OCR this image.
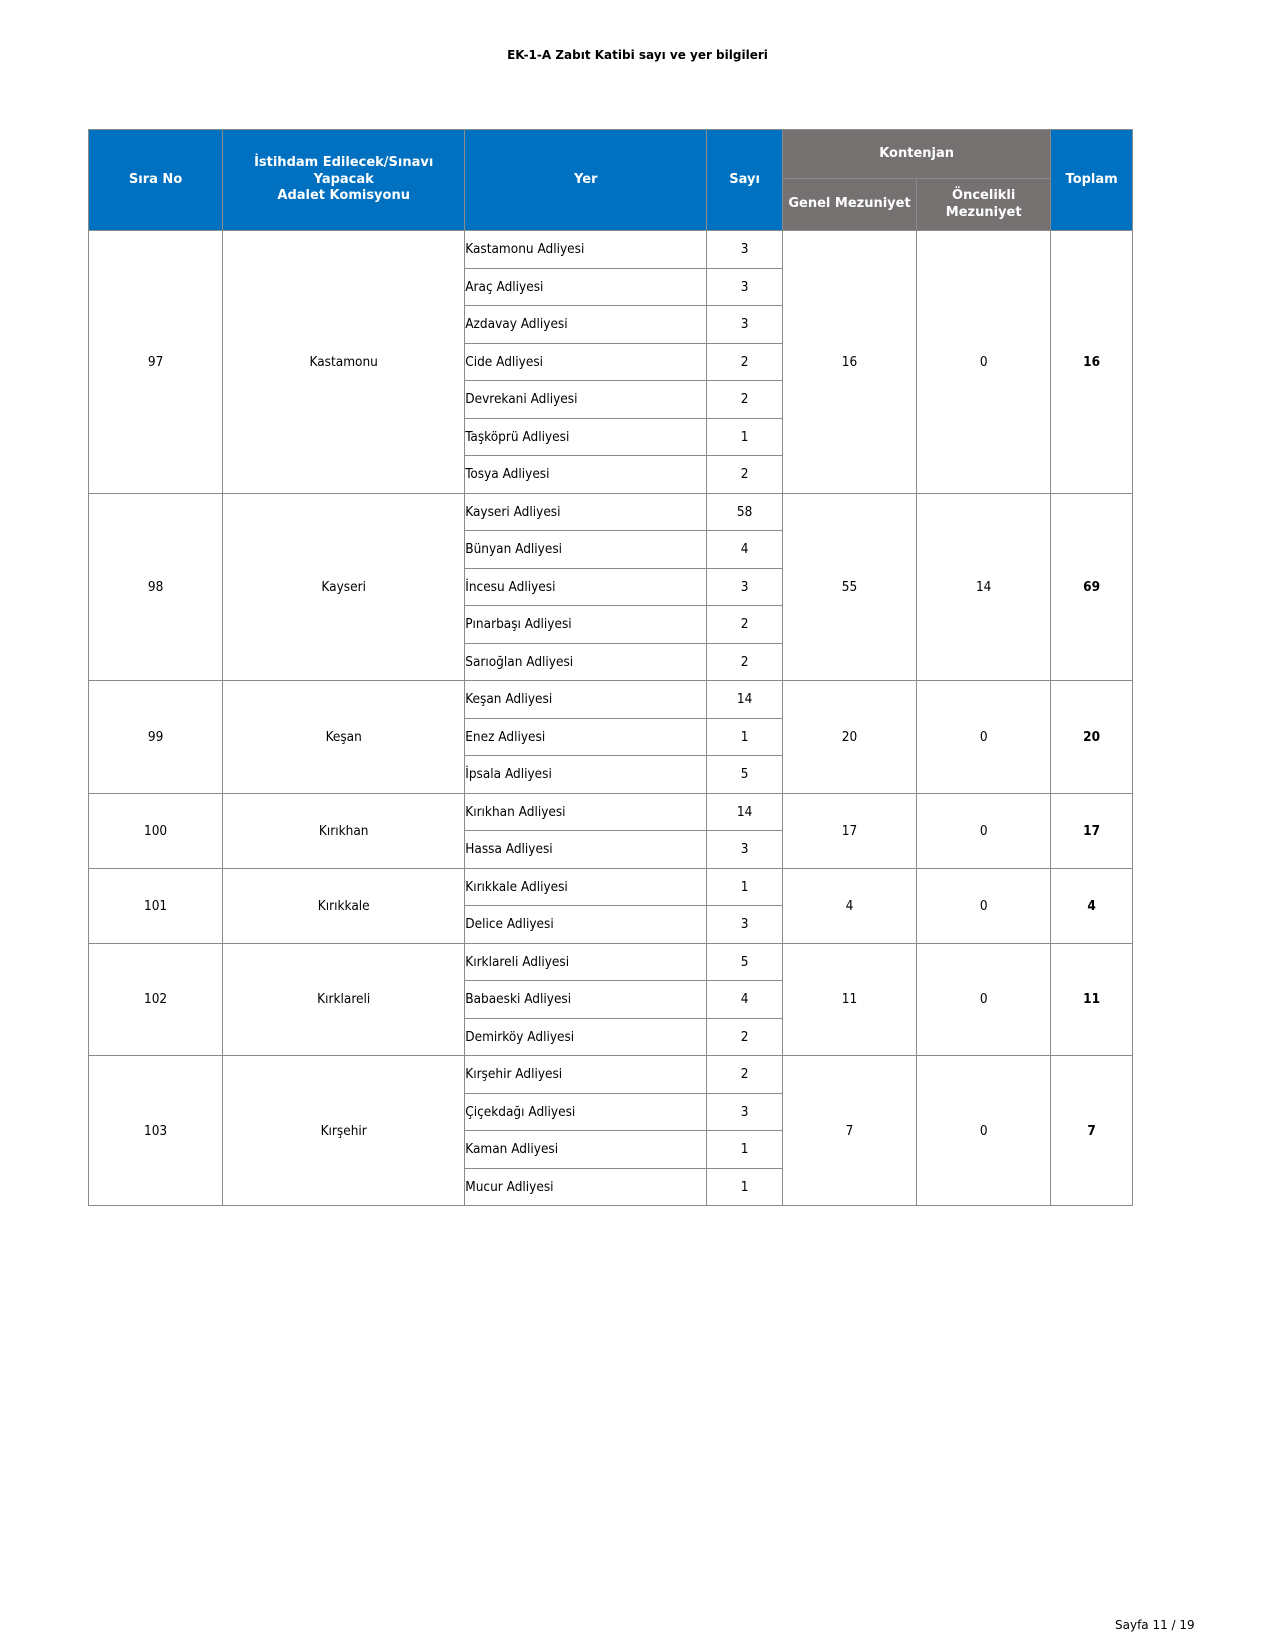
EK-1-A Zabıt Katibi sayı ve yer bilgileri
Sıra No	İstihdam Edilecek/Sınavı
Yapacak
Adalet Komisyonu	Yer	Sayı	Kontenjan		Toplam
				Genel Mezuniyet	Öncelikli
Mezuniyet	

97	Kastamonu	Kastamonu Adliyesi	3	16	0	16
		Araç Adliyesi	3			
		Azdavay Adliyesi	3			
		Cide Adliyesi	2			
		Devrekani Adliyesi	2			
		Taşköprü Adliyesi	1			
		Tosya Adliyesi	2			
98	Kayseri	Kayseri Adliyesi	58	55	14	69
		Bünyan Adliyesi	4			
		İncesu Adliyesi	3			
		Pınarbaşı Adliyesi	2			
		Sarıoğlan Adliyesi	2			
99	Keşan	Keşan Adliyesi	14	20	0	20
		Enez Adliyesi	1			
		İpsala Adliyesi	5			
100	Kırıkhan	Kırıkhan Adliyesi	14	17	0	17
		Hassa Adliyesi	3			
101	Kırıkkale	Kırıkkale Adliyesi	1	4	0	4
		Delice Adliyesi	3			
102	Kırklareli	Kırklareli Adliyesi	5	11	0	11
		Babaeski Adliyesi	4			
		Demirköy Adliyesi	2			
103	Kırşehir	Kırşehir Adliyesi	2	7	0	7
		Çiçekdağı Adliyesi	3			
		Kaman Adliyesi	1			
		Mucur Adliyesi	1			
Sayfa 11 / 19
